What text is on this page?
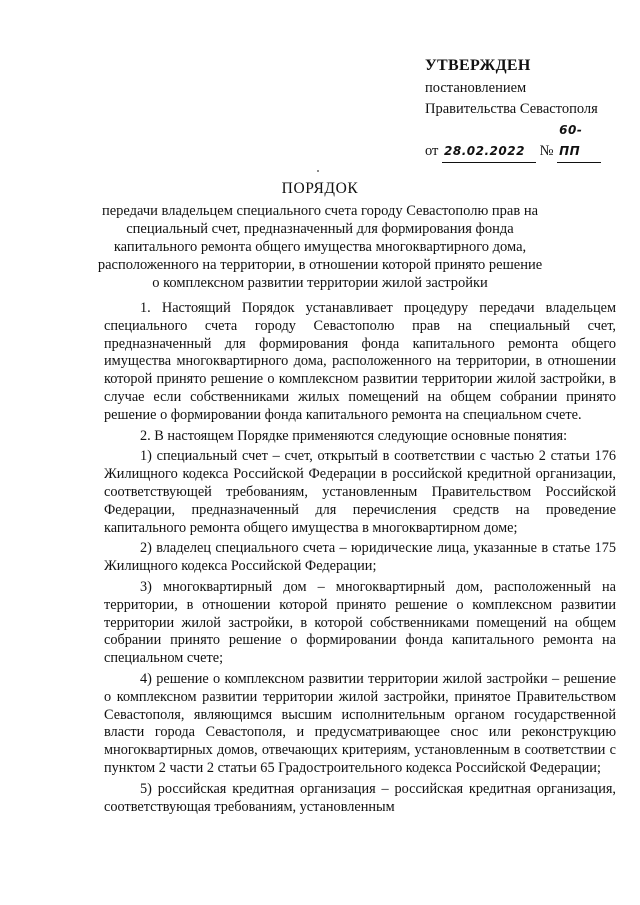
УТВЕРЖДЕН
постановлением
Правительства Севастополя
от 28.02.2022 № 60-ПП
ПОРЯДОК
передачи владельцем специального счета городу Севастополю прав на специальный счет, предназначенный для формирования фонда капитального ремонта общего имущества многоквартирного дома, расположенного на территории, в отношении которой принято решение о комплексном развитии территории жилой застройки

1. Настоящий Порядок устанавливает процедуру передачи владельцем специального счета городу Севастополю прав на специальный счет, предназначенный для формирования фонда капитального ремонта общего имущества многоквартирного дома, расположенного на территории, в отношении которой принято решение о комплексном развитии территории жилой застройки, в случае если собственниками жилых помещений на общем собрании принято решение о формировании фонда капитального ремонта на специальном счете.

2. В настоящем Порядке применяются следующие основные понятия:

1) специальный счет – счет, открытый в соответствии с частью 2 статьи 176 Жилищного кодекса Российской Федерации в российской кредитной организации, соответствующей требованиям, установленным Правительством Российской Федерации, предназначенный для перечисления средств на проведение капитального ремонта общего имущества в многоквартирном доме;

2) владелец специального счета – юридические лица, указанные в статье 175 Жилищного кодекса Российской Федерации;

3) многоквартирный дом – многоквартирный дом, расположенный на территории, в отношении которой принято решение о комплексном развитии территории жилой застройки, в которой собственниками помещений на общем собрании принято решение о формировании фонда капитального ремонта на специальном счете;

4) решение о комплексном развитии территории жилой застройки – решение о комплексном развитии территории жилой застройки, принятое Правительством Севастополя, являющимся высшим исполнительным органом государственной власти города Севастополя, и предусматривающее снос или реконструкцию многоквартирных домов, отвечающих критериям, установленным в соответствии с пунктом 2 части 2 статьи 65 Градостроительного кодекса Российской Федерации;

5) российская кредитная организация – российская кредитная организация, соответствующая требованиям, установленным
